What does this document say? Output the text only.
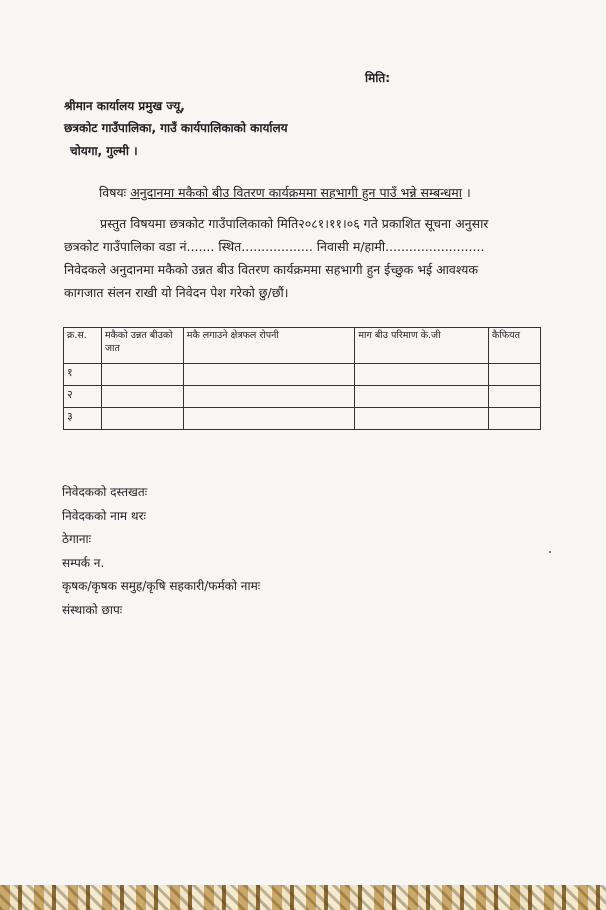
मिति:
श्रीमान कार्यालय प्रमुख ज्यू,
छत्रकोट गाउँपालिका, गाउँ कार्यपालिकाको कार्यालय
चोयगा, गुल्मी ।
विषयः अनुदानमा मकैको बीउ वितरण कार्यक्रममा सहभागी हुन पाउँ भन्ने सम्बन्धमा ।
प्रस्तुत विषयमा छत्रकोट गाउँपालिकाको मिति२०८१।११।०६ गते प्रकाशित सूचना अनुसार
छत्रकोट गाउँपालिका वडा नं....... स्थित.................. निवासी म/हामी.........................
निवेदकले अनुदानमा मकैको उन्नत बीउ वितरण कार्यक्रममा सहभागी हुन ईच्छुक भई आवश्यक
कागजात संलन राखी यो निवेदन पेश गरेको छु/छौं।
क्र.स.	मकैको उन्नत बीउको जात	मकै लगाउने क्षेत्रफल रोपनी	माग बीउ परिमाण के.जी	कैफियत
१				
२				
३				
निवेदकको दस्तखतः
निवेदकको नाम थरः
ठेगानाः
सम्पर्क न.
कृषक/कृषक समुह/कृषि सहकारी/फर्मको नामः
संस्थाको छापः
